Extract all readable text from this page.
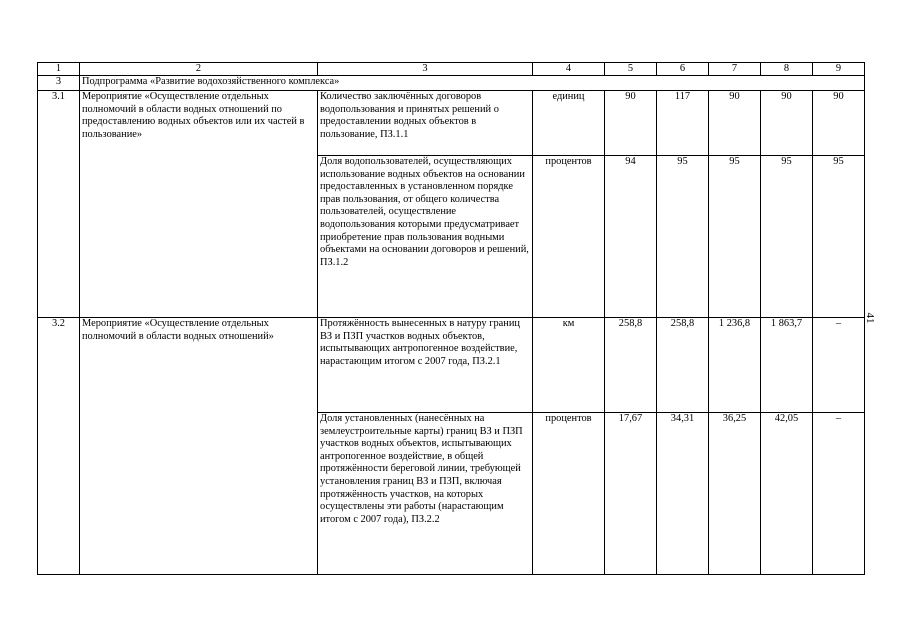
1	2	3	4	5	6	7	8	9
3	Подпрограмма «Развитие водохозяйственного комплекса»							
3.1	Мероприятие «Осуществление отдельных полномочий в области водных отношений по предоставлению водных объектов или их частей в пользование»	Количество заключённых договоров водопользования и принятых решений о предоставлении водных объектов в пользование, ПЗ.1.1	единиц	90	117	90	90	90
		Доля водопользователей, осуществляющих использование водных объектов на основании предоставленных в установленном порядке прав пользования, от общего количества пользователей, осуществление водопользования которыми предусматривает приобретение прав пользования водными объектами на основании договоров и решений, ПЗ.1.2	процентов	94	95	95	95	95
3.2	Мероприятие «Осуществление отдельных полномочий в области водных отношений»	Протяжённость вынесенных в натуру границ ВЗ и ПЗП участков водных объектов, испытывающих антропогенное воздействие, нарастающим итогом с 2007 года, ПЗ.2.1	км	258,8	258,8	1 236,8	1 863,7	–
		Доля установленных (нанесённых на землеустроительные карты) границ ВЗ и ПЗП участков водных объектов, испытывающих антропогенное воздействие, в общей протяжённости береговой линии, требующей установления границ ВЗ и ПЗП, включая протяжённость участков, на которых осуществлены эти работы (нарастающим итогом с 2007 года), ПЗ.2.2	процентов	17,67	34,31	36,25	42,05	–
41
